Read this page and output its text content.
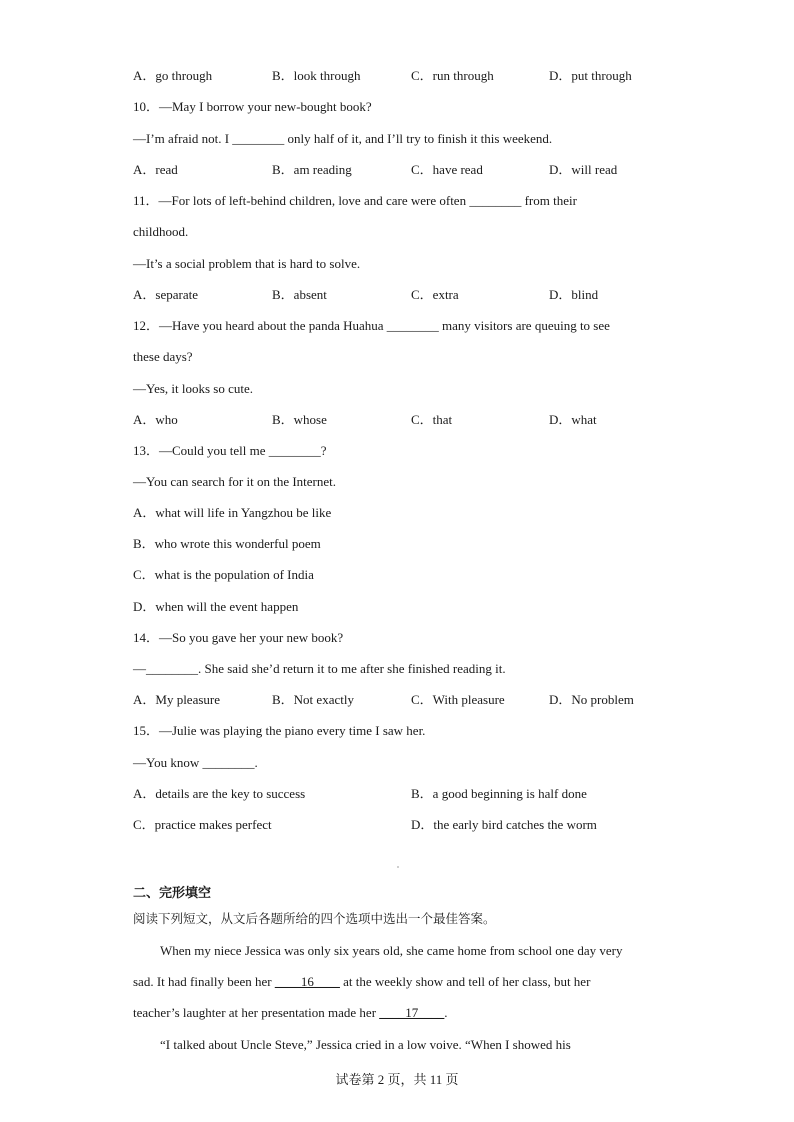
A．go through	B．look through	C．run through	D．put through
10．—May I borrow your new-bought book?
—I’m afraid not. I ________ only half of it, and I’ll try to finish it this weekend.
A．read	B．am reading	C．have read	D．will read
11．—For lots of left-behind children, love and care were often ________ from their
childhood.
—It’s a social problem that is hard to solve.
A．separate	B．absent	C．extra	D．blind
12．—Have you heard about the panda Huahua ________ many visitors are queuing to see
these days?
—Yes, it looks so cute.
A．who	B．whose	C．that	D．what
13．—Could you tell me ________?
—You can search for it on the Internet.
A．what will life in Yangzhou be like
B．who wrote this wonderful poem
C．what is the population of India
D．when will the event happen
14．—So you gave her your new book?
—________. She said she’d return it to me after she finished reading it.
A．My pleasure	B．Not exactly	C．With pleasure	D．No problem
15．—Julie was playing the piano every time I saw her.
—You know ________.
A．details are the key to success	B．a good beginning is half done
C．practice makes perfect	D．the early bird catches the worm
二、完形填空
阅读下列短文，从文后各题所给的四个选项中选出一个最佳答案。
When my niece Jessica was only six years old, she came home from school one day very
sad. It had finally been her ____16____ at the weekly show and tell of her class, but her
teacher’s laughter at her presentation made her ____17____.
“I talked about Uncle Steve,” Jessica cried in a low voive. “When I showed his
试卷第 2 页，共 11 页
